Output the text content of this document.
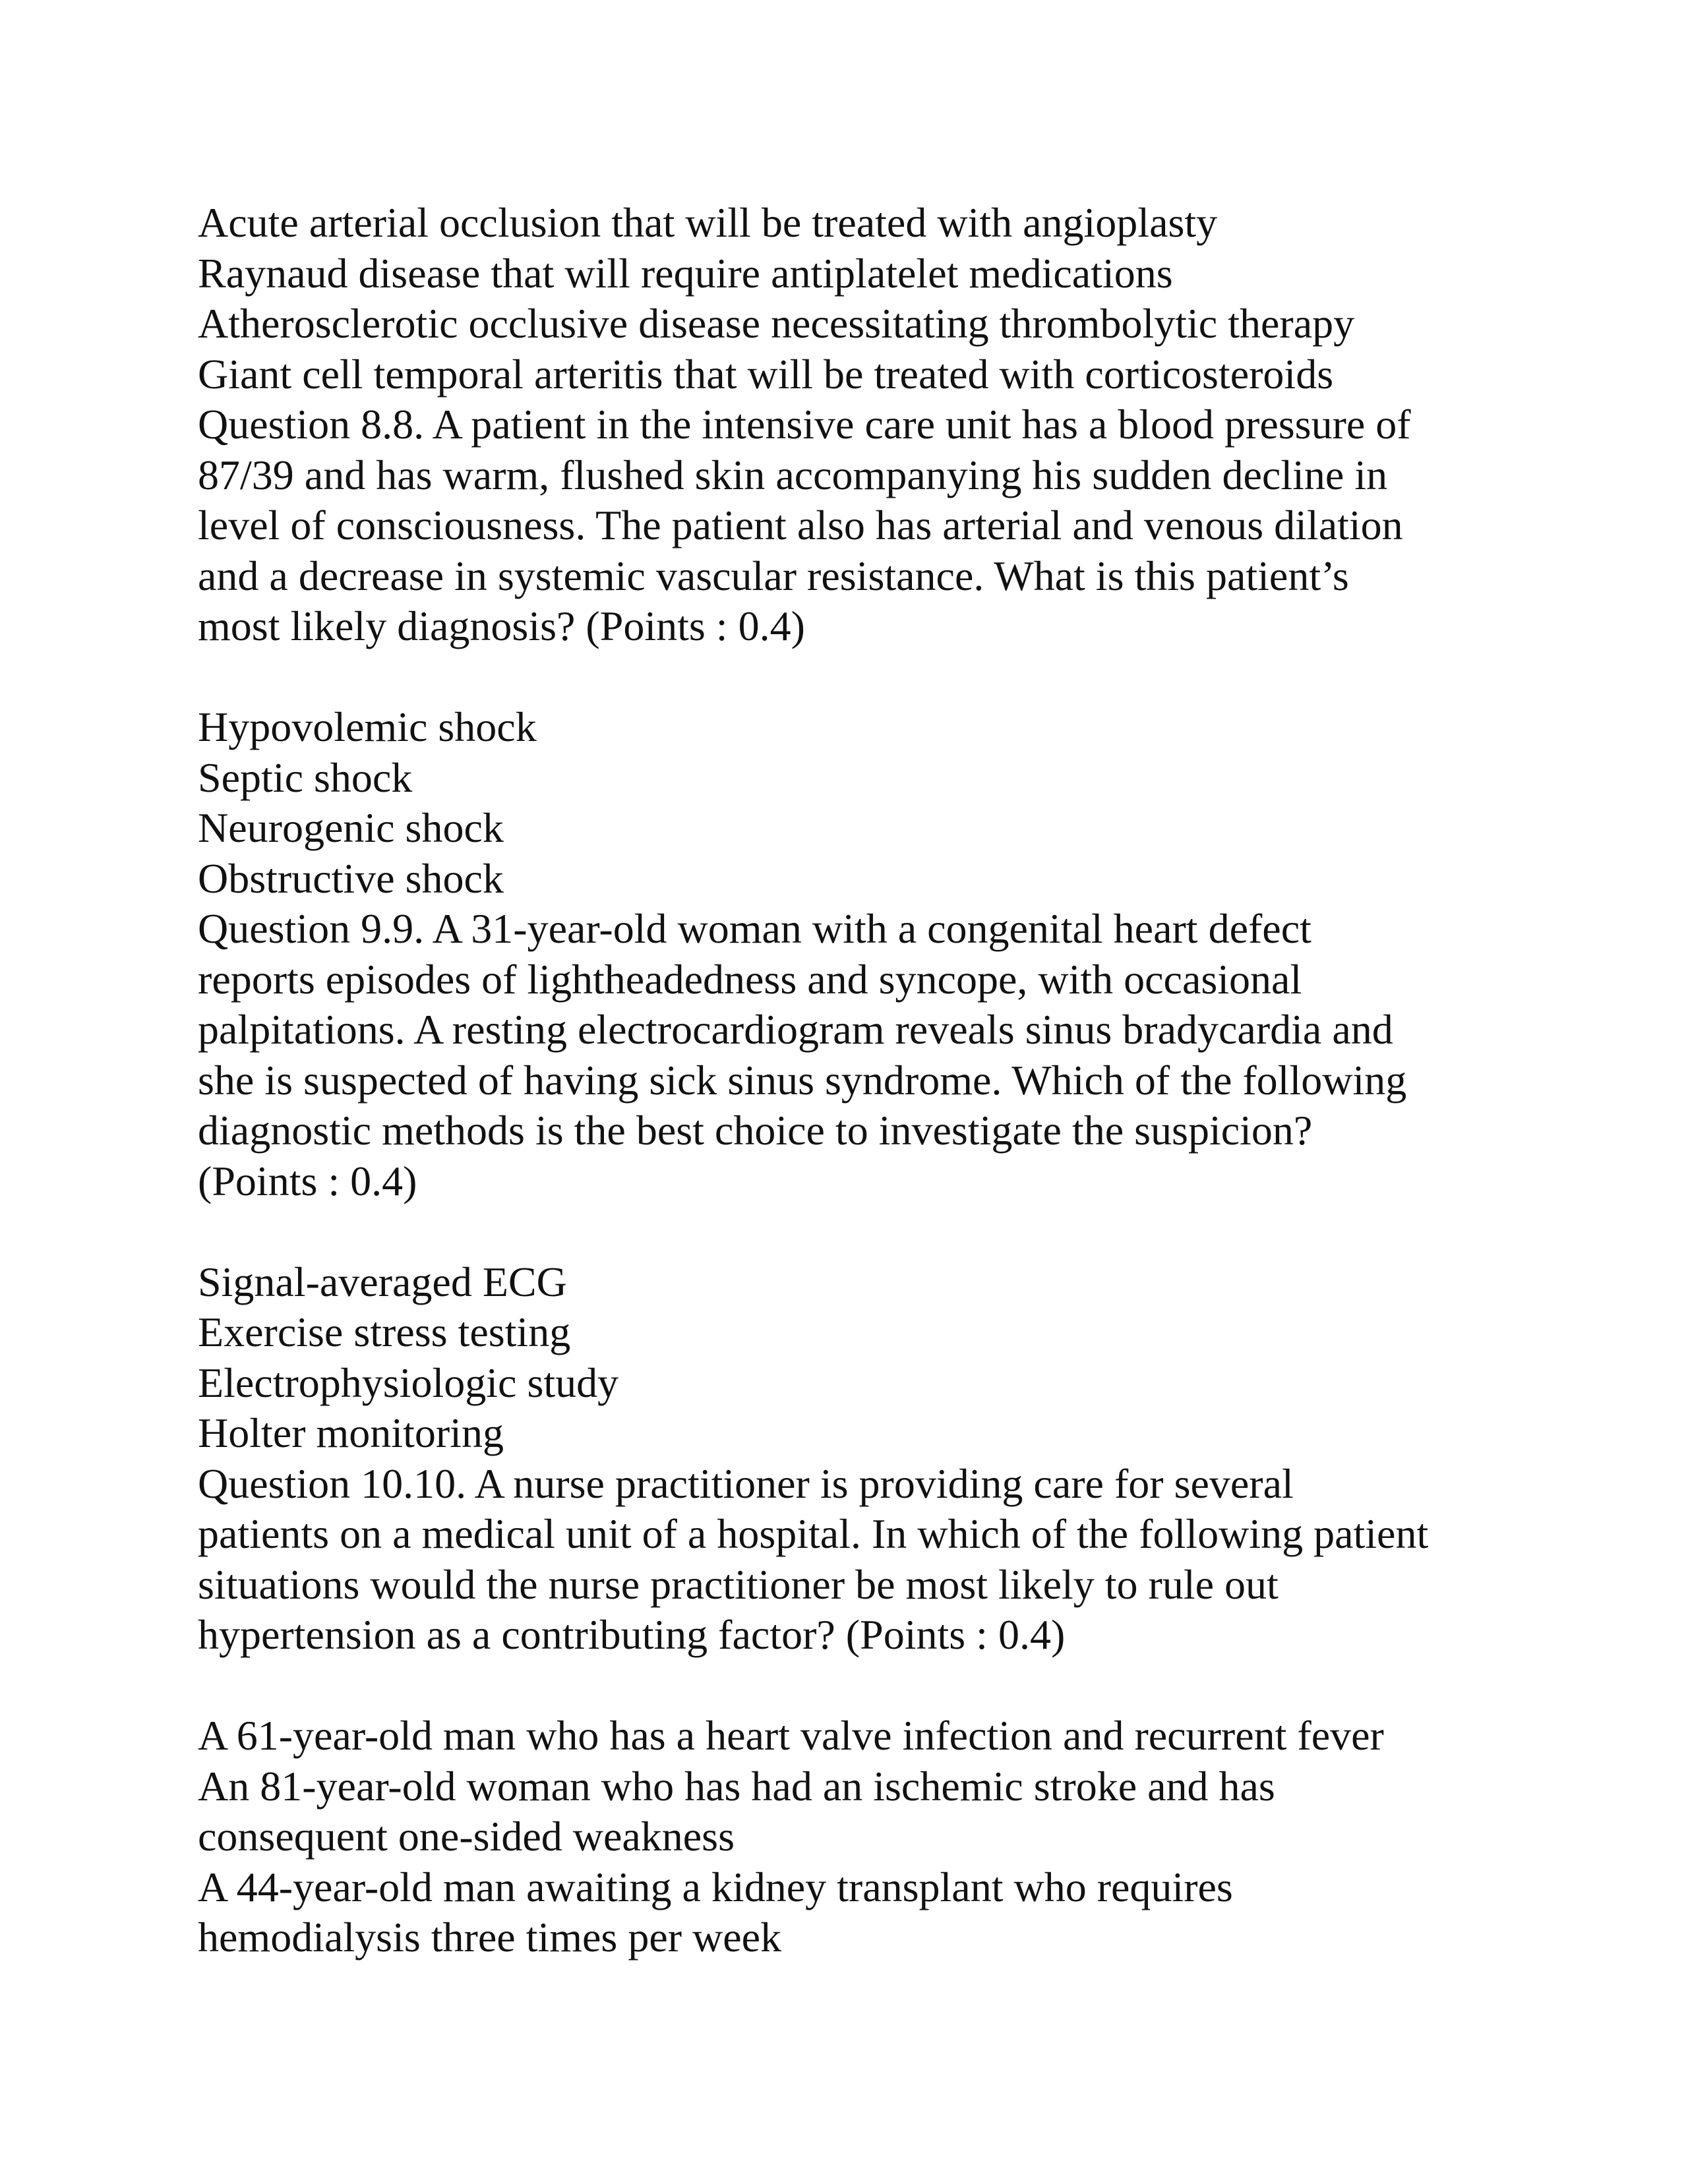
Acute arterial occlusion that will be treated with angioplasty
Raynaud disease that will require antiplatelet medications
Atherosclerotic occlusive disease necessitating thrombolytic therapy
Giant cell temporal arteritis that will be treated with corticosteroids
Question 8.8. A patient in the intensive care unit has a blood pressure of
87/39 and has warm, flushed skin accompanying his sudden decline in
level of consciousness. The patient also has arterial and venous dilation
and a decrease in systemic vascular resistance. What is this patient’s
most likely diagnosis? (Points : 0.4)
Hypovolemic shock
Septic shock
Neurogenic shock
Obstructive shock
Question 9.9. A 31-year-old woman with a congenital heart defect
reports episodes of lightheadedness and syncope, with occasional
palpitations. A resting electrocardiogram reveals sinus bradycardia and
she is suspected of having sick sinus syndrome. Which of the following
diagnostic methods is the best choice to investigate the suspicion?
(Points : 0.4)
Signal-averaged ECG
Exercise stress testing
Electrophysiologic study
Holter monitoring
Question 10.10. A nurse practitioner is providing care for several
patients on a medical unit of a hospital. In which of the following patient
situations would the nurse practitioner be most likely to rule out
hypertension as a contributing factor? (Points : 0.4)
A 61-year-old man who has a heart valve infection and recurrent fever
An 81-year-old woman who has had an ischemic stroke and has
consequent one-sided weakness
A 44-year-old man awaiting a kidney transplant who requires
hemodialysis three times per week
